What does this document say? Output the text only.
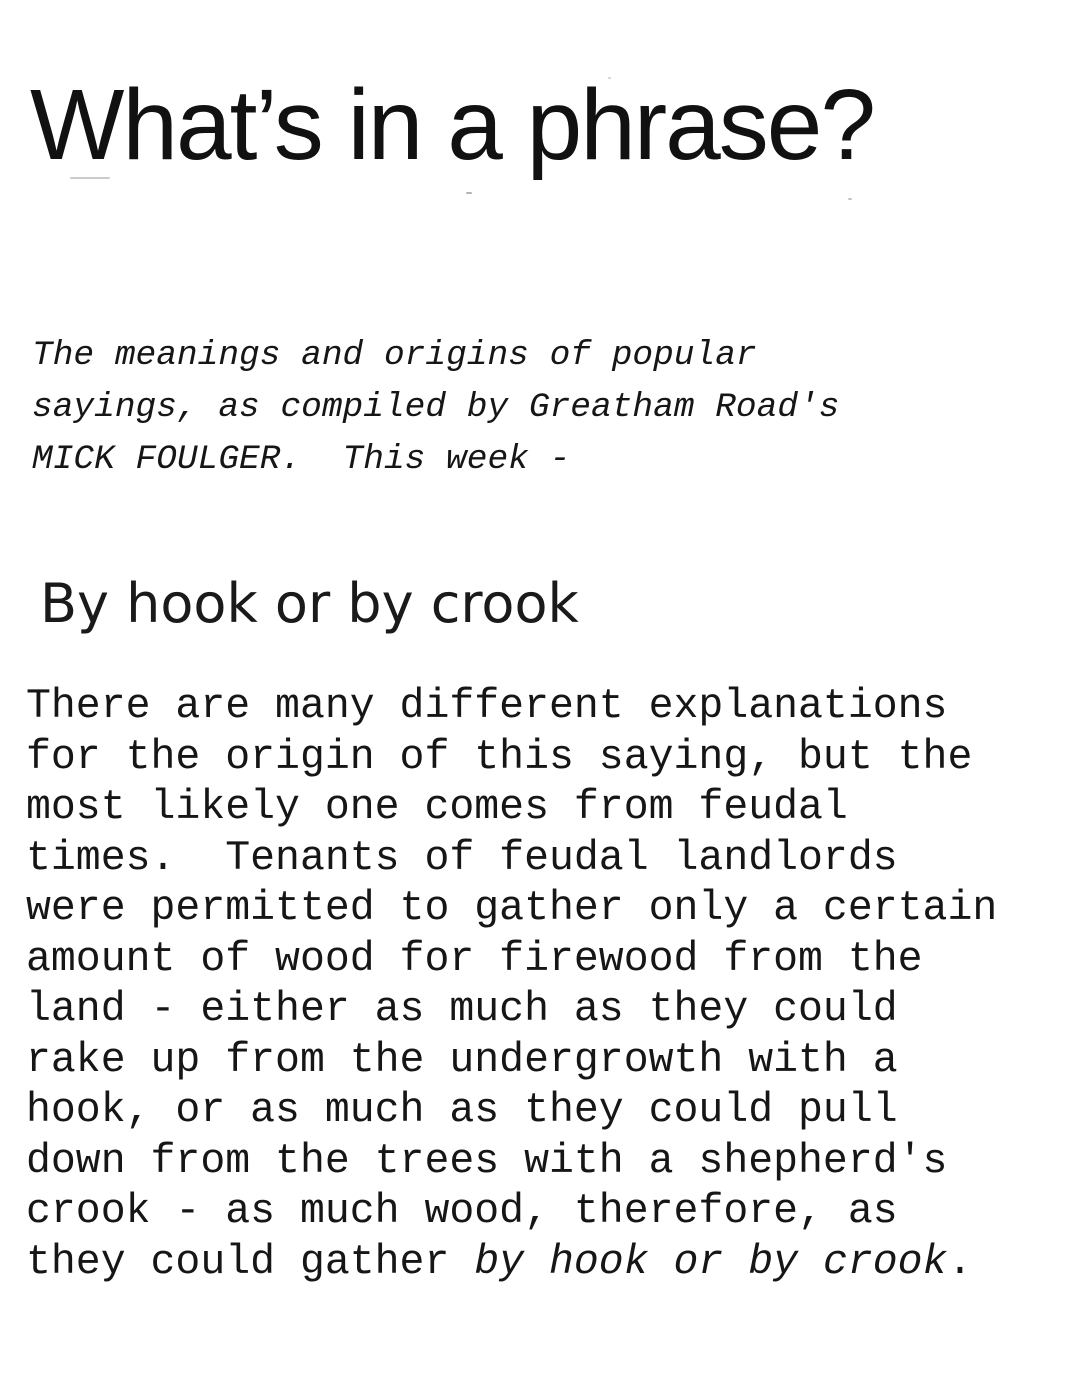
What’s in a phrase?

The meanings and origins of popular
sayings, as compiled by Greatham Road's
MICK FOULGER.  This week -

By hook or by crook

There are many different explanations
for the origin of this saying, but the
most likely one comes from feudal
times.  Tenants of feudal landlords
were permitted to gather only a certain
amount of wood for firewood from the
land - either as much as they could
rake up from the undergrowth with a
hook, or as much as they could pull
down from the trees with a shepherd's
crook - as much wood, therefore, as
they could gather by hook or by crook.
